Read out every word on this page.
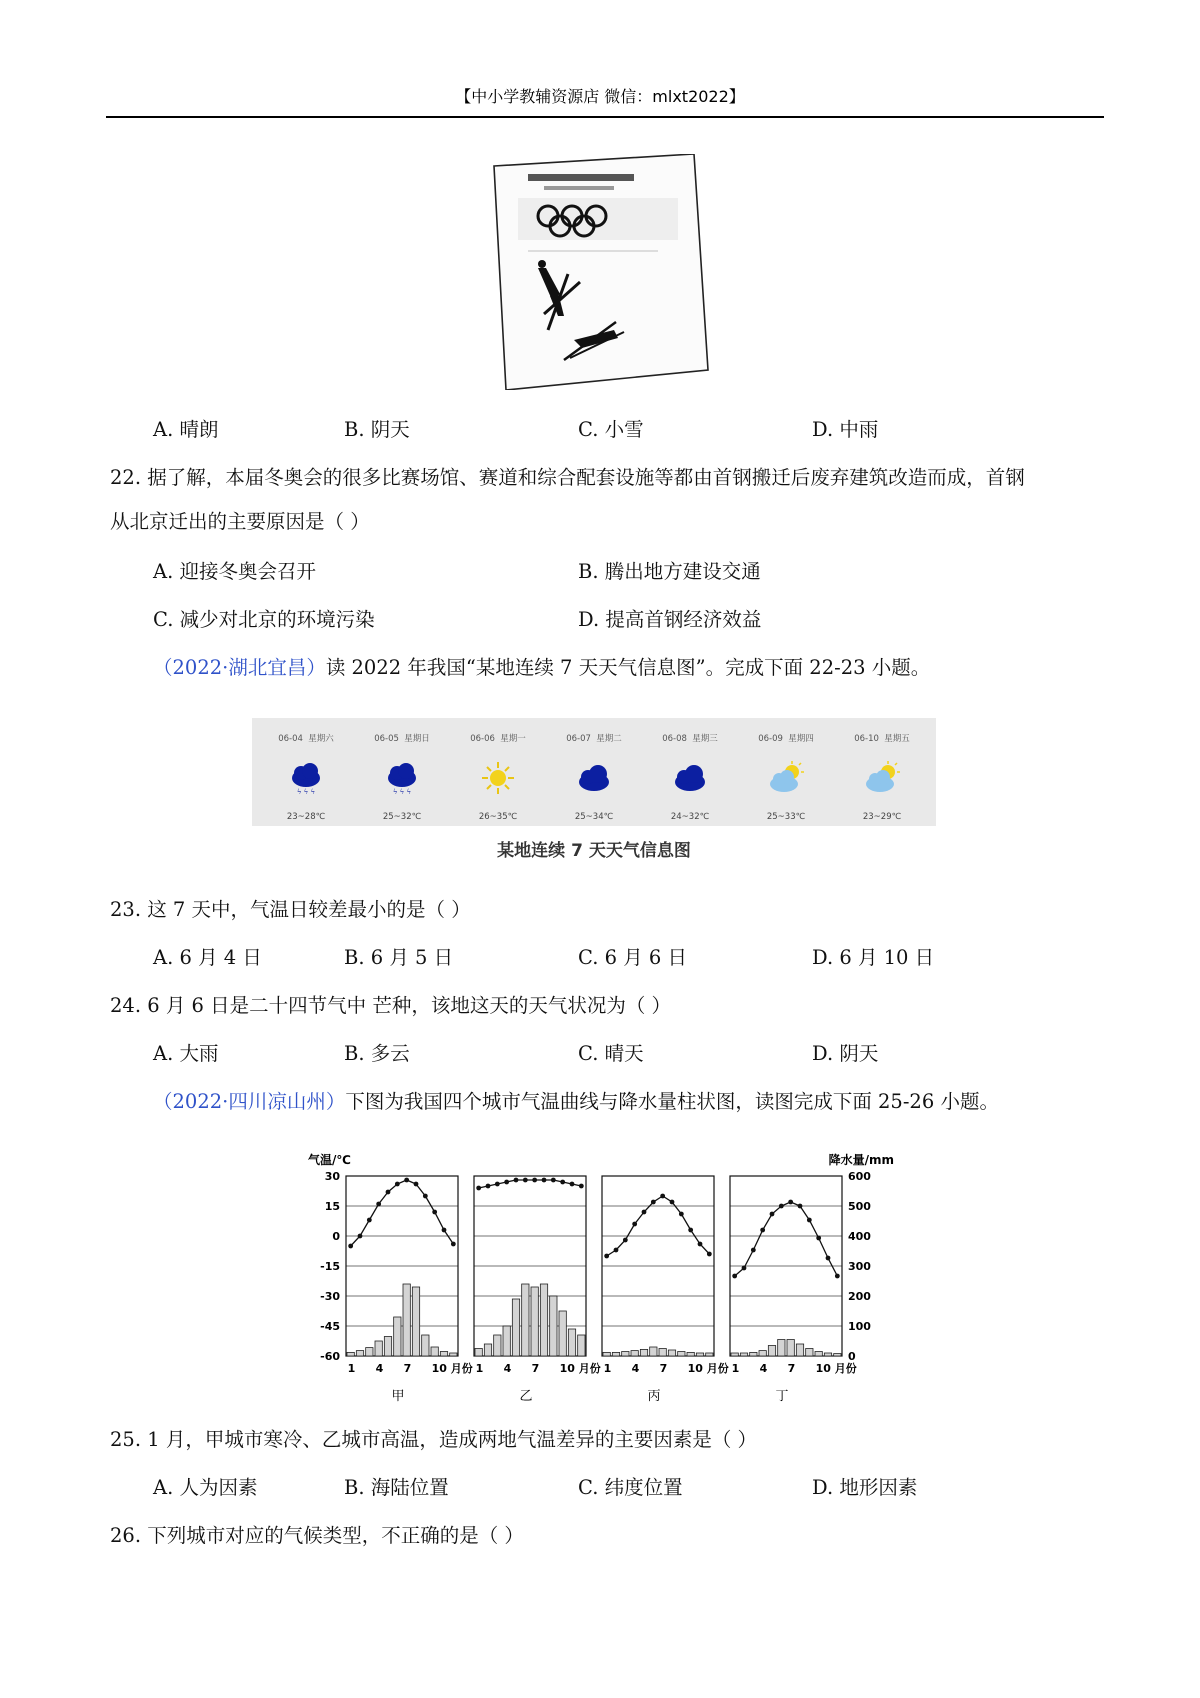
【中小学教辅资源店 微信：mlxt2022】
A. 晴朗	B. 阴天	C. 小雪	D. 中雨
22. 据了解，本届冬奥会的很多比赛场馆、赛道和综合配套设施等都由首钢搬迁后废弃建筑改造而成，首钢
从北京迁出的主要原因是（ ）
A. 迎接冬奥会召开	B. 腾出地方建设交通
C. 减少对北京的环境污染	D. 提高首钢经济效益
（2022·湖北宜昌）读 2022 年我国“某地连续 7 天天气信息图”。完成下面 22-23 小题。
06-04 星期六
ϟ ϟ ϟ
23~28℃
06-05 星期日
ϟ ϟ ϟ
25~32℃
06-06 星期一
26~35℃
06-07 星期二
25~34℃
06-08 星期三
24~32℃
06-09 星期四
25~33℃
06-10 星期五
23~29℃
某地连续 7 天天气信息图
23. 这 7 天中，气温日较差最小的是（ ）
A. 6 月 4 日	B. 6 月 5 日	C. 6 月 6 日	D. 6 月 10 日
24. 6 月 6 日是二十四节气中 芒种，该地这天的天气状况为（ ）
A. 大雨	B. 多云	C. 晴天	D. 阴天
（2022·四川凉山州）下图为我国四个城市气温曲线与降水量柱状图，读图完成下面 25-26 小题。
气温/℃	降水量/mm
30
15
0
-15
-30
-45
-60
600
500
400
300
200
100
0
1 4 7 10 月份
甲
1 4 7 10 月份
乙
1 4 7 10 月份
丙
1 4 7 10 月份
丁
25. 1 月，甲城市寒冷、乙城市高温，造成两地气温差异的主要因素是（ ）
A. 人为因素	B. 海陆位置	C. 纬度位置	D. 地形因素
26. 下列城市对应的气候类型，不正确的是（ ）
